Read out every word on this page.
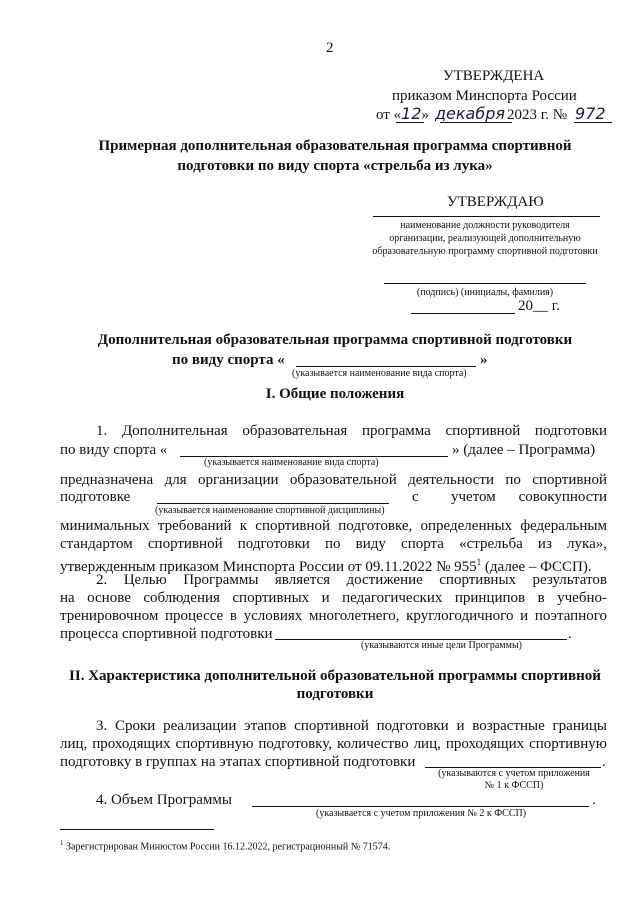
2
УТВЕРЖДЕНА
приказом Минспорта России
от «12» декабря 2023 г. № 972
Примерная дополнительная образовательная программа спортивной
подготовки по виду спорта «стрельба из лука»
УТВЕРЖДАЮ
наименование должности руководителя
организации, реализующей дополнительную
образовательную программу спортивной подготовки
(подпись) (инициалы, фамилия)
20__ г.
Дополнительная образовательная программа спортивной подготовки
по виду спорта «	»
(указывается наименование вида спорта)
I. Общие положения
1. Дополнительная образовательная программа спортивной подготовки
по виду спорта «	» (далее – Программа)
(указывается наименование вида спорта)
предназначена для организации образовательной деятельности по спортивной
подготовке	с учетом	совокупности
(указывается наименование спортивной дисциплины)
минимальных требований к спортивной подготовке, определенных федеральным
стандартом спортивной подготовки по виду спорта «стрельба из лука»,
утвержденным приказом Минспорта России от 09.11.2022 № $955^1$ (далее – ФССП).
2. Целью Программы является достижение спортивных результатов
на основе соблюдения спортивных и педагогических принципов в учебно-
тренировочном процессе в условиях многолетнего, круглогодичного и поэтапного
процесса спортивной подготовки	.
(указываются иные цели Программы)
II. Характеристика дополнительной образовательной программы спортивной
подготовки
3. Сроки реализации этапов спортивной подготовки и возрастные границы
лиц, проходящих спортивную подготовку, количество лиц, проходящих спортивную
подготовку в группах на этапах спортивной подготовки	.
(указываются с учетом приложения
№ 1 к ФССП)
4. Объем Программы	.
(указывается с учетом приложения № 2 к ФССП)
$^1$ Зарегистрирован Минюстом России 16.12.2022, регистрационный № 71574.
